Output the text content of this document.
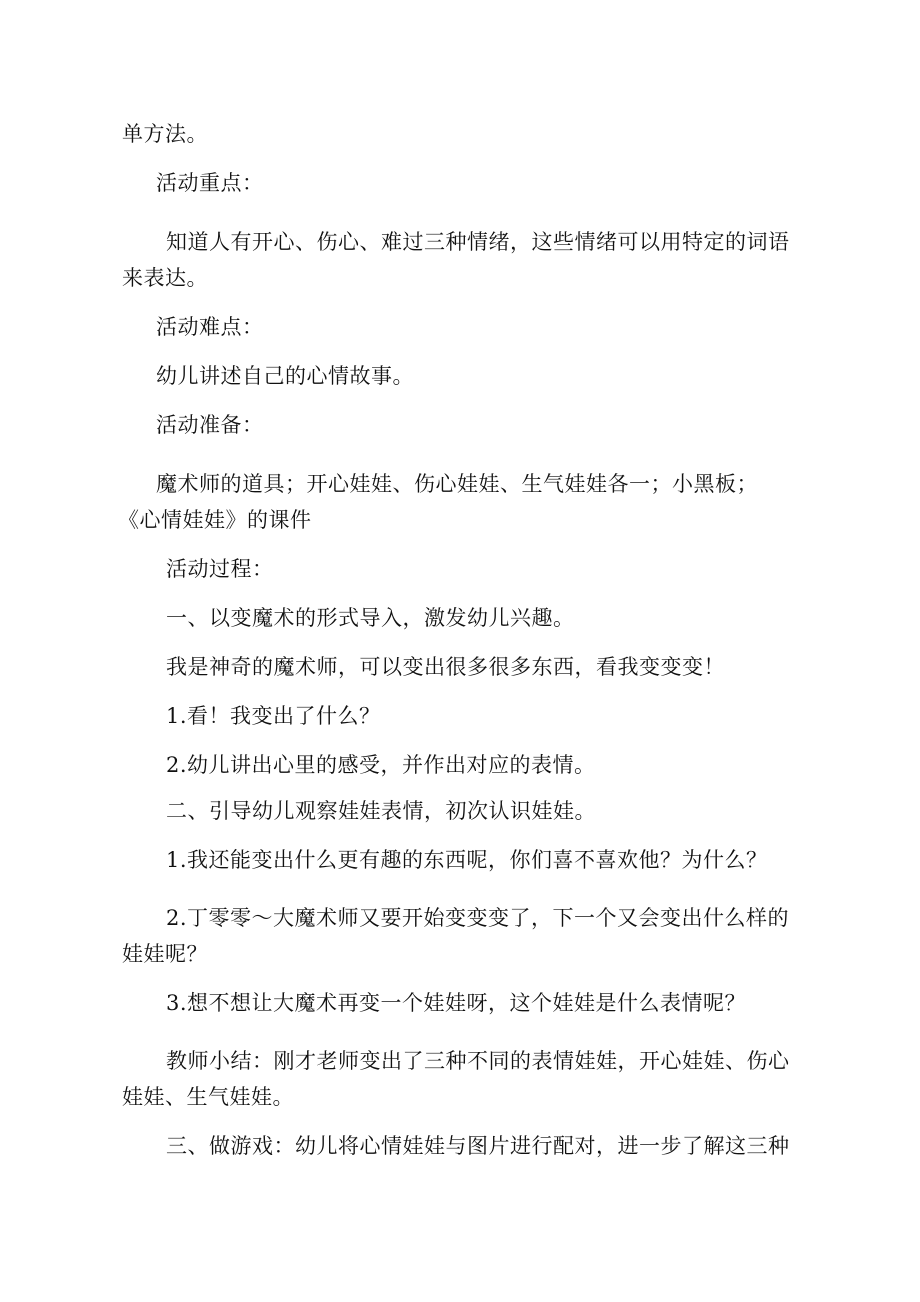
单方法。
活动重点：
知道人有开心、伤心、难过三种情绪，这些情绪可以用特定的词语
来表达。
活动难点：
幼儿讲述自己的心情故事。
活动准备：
魔术师的道具；开心娃娃、伤心娃娃、生气娃娃各一；小黑板；
《心情娃娃》的课件
活动过程：
一、以变魔术的形式导入，激发幼儿兴趣。
我是神奇的魔术师，可以变出很多很多东西，看我变变变！
1.看！我变出了什么？
2.幼儿讲出心里的感受，并作出对应的表情。
二、引导幼儿观察娃娃表情，初次认识娃娃。
1.我还能变出什么更有趣的东西呢，你们喜不喜欢他？为什么？
2.丁零零～大魔术师又要开始变变变了，下一个又会变出什么样的
娃娃呢？
3.想不想让大魔术再变一个娃娃呀，这个娃娃是什么表情呢？
教师小结：刚才老师变出了三种不同的表情娃娃，开心娃娃、伤心
娃娃、生气娃娃。
三、做游戏：幼儿将心情娃娃与图片进行配对，进一步了解这三种
